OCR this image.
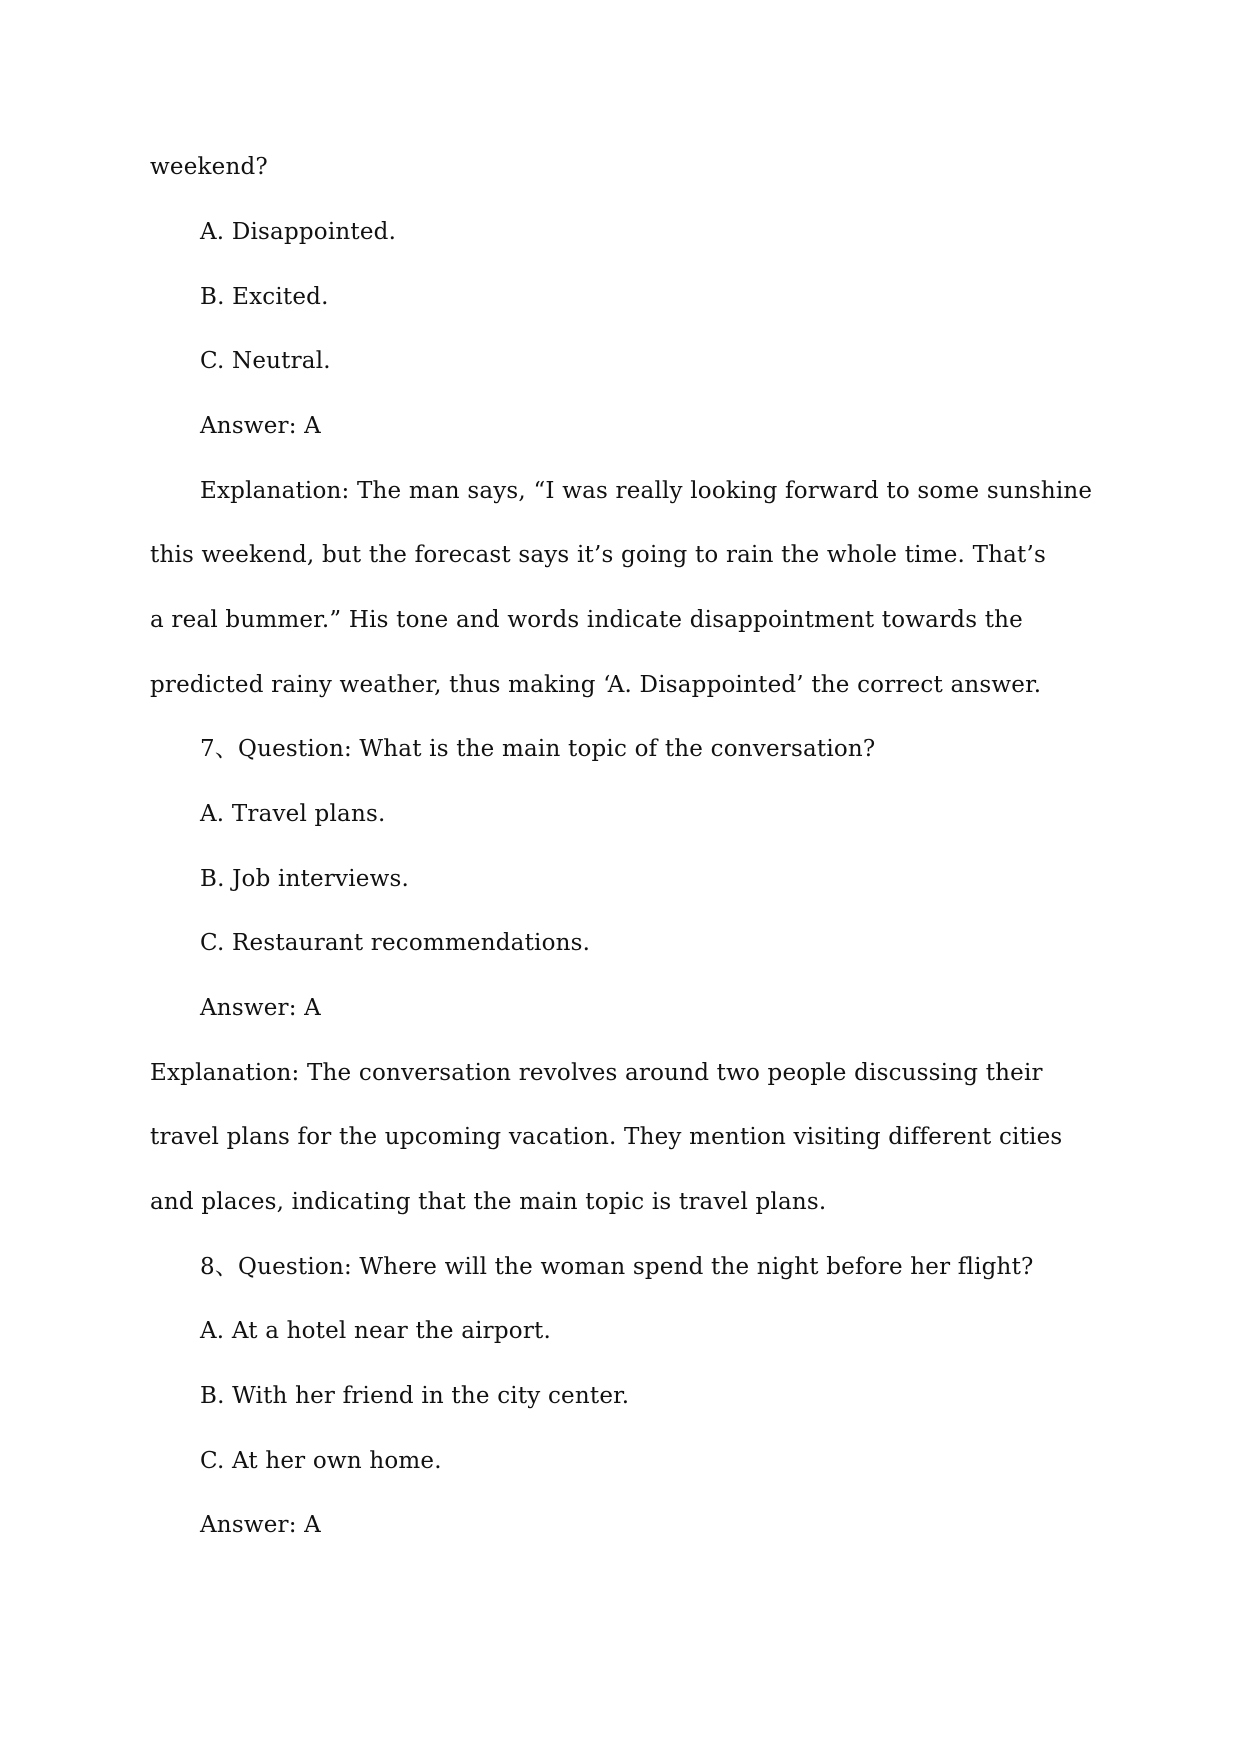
weekend?
A. Disappointed.
B. Excited.
C. Neutral.
Answer: A
Explanation: The man says, “I was really looking forward to some sunshine
this weekend, but the forecast says it’s going to rain the whole time. That’s
a real bummer.” His tone and words indicate disappointment towards the
predicted rainy weather, thus making ‘A. Disappointed’ the correct answer.
7、Question: What is the main topic of the conversation?
A. Travel plans.
B. Job interviews.
C. Restaurant recommendations.
Answer: A
Explanation: The conversation revolves around two people discussing their
travel plans for the upcoming vacation. They mention visiting different cities
and places, indicating that the main topic is travel plans.
8、Question: Where will the woman spend the night before her flight?
A. At a hotel near the airport.
B. With her friend in the city center.
C. At her own home.
Answer: A
